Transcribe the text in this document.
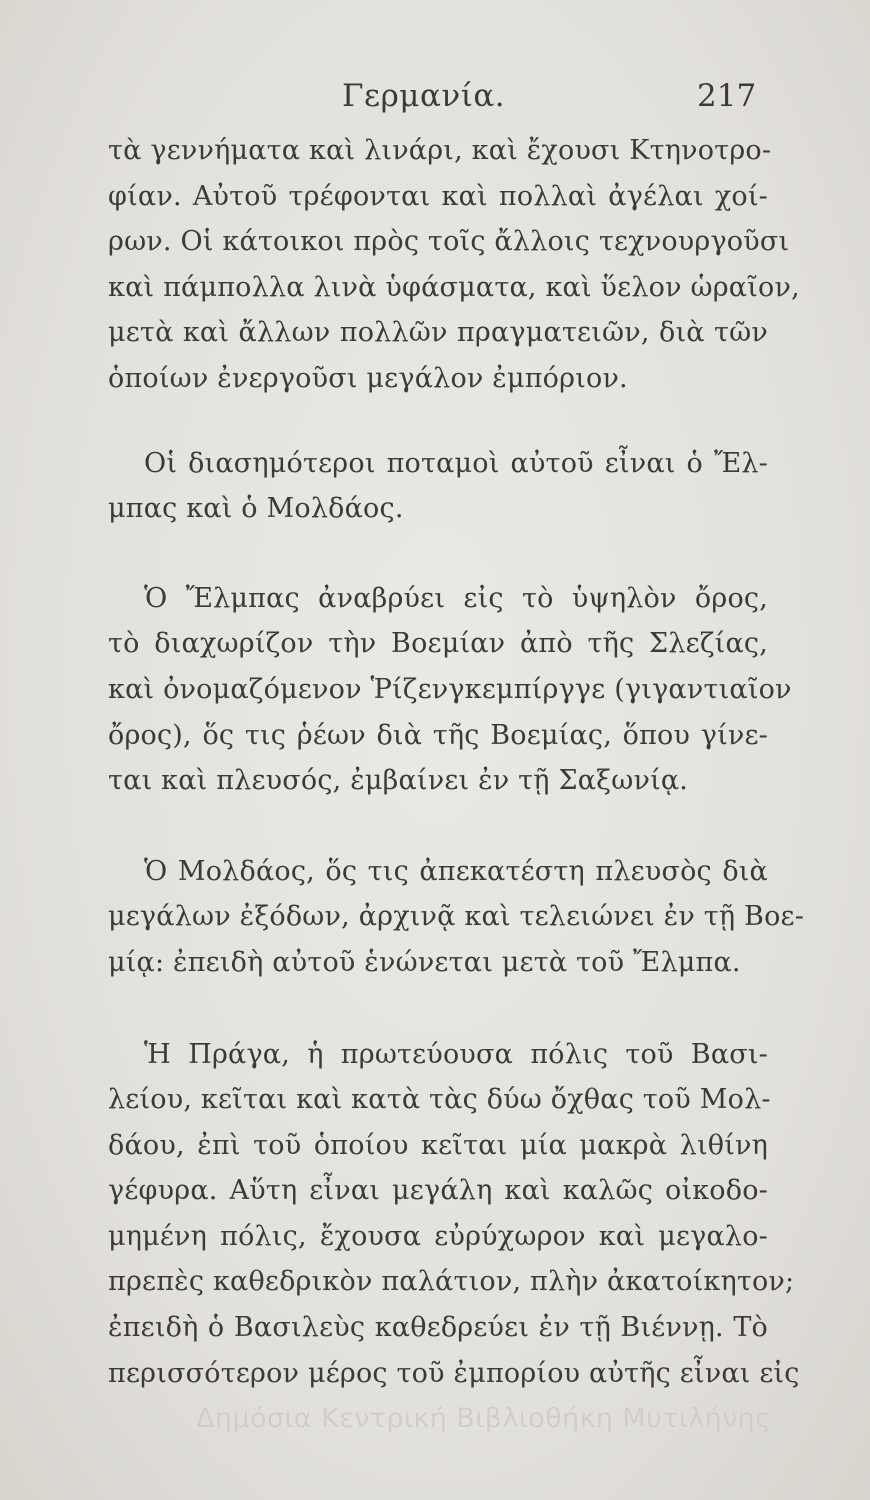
Γερμανία.	217

τὰ γεννήματα καὶ λινάρι, καὶ ἔχουσι Κτηνοτρο-
φίαν. Αὐτοῦ τρέφονται καὶ πολλαὶ ἀγέλαι χοί-
ρων. Οἱ κάτοικοι πρὸς τοῖς ἄλλοις τεχνουργοῦσι
καὶ πάμπολλα λινὰ ὑφάσματα, καὶ ὕελον ὡραῖον,
μετὰ καὶ ἄλλων πολλῶν πραγματειῶν, διὰ τῶν
ὁποίων ἐνεργοῦσι μεγάλον ἐμπόριον.

Οἱ διασημότεροι ποταμοὶ αὐτοῦ εἶναι ὁ Ἔλ-
μπας καὶ ὁ Μολδάος.

Ὁ Ἔλμπας ἀναβρύει εἰς τὸ ὑψηλὸν ὄρος,
τὸ διαχωρίζον τὴν Βοεμίαν ἀπὸ τῆς Σλεζίας,
καὶ ὀνομαζόμενον Ῥίζενγκεμπίργγε (γιγαντιαῖον
ὄρος), ὅς τις ῥέων διὰ τῆς Βοεμίας, ὅπου γίνε-
ται καὶ πλευσός, ἐμβαίνει ἐν τῇ Σαξωνίᾳ.

Ὁ Μολδάος, ὅς τις ἀπεκατέστη πλευσὸς διὰ
μεγάλων ἐξόδων, ἀρχινᾷ καὶ τελειώνει ἐν τῇ Βοε-
μίᾳ: ἐπειδὴ αὐτοῦ ἑνώνεται μετὰ τοῦ Ἔλμπα.

Ἡ Πράγα, ἡ πρωτεύουσα πόλις τοῦ Βασι-
λείου, κεῖται καὶ κατὰ τὰς δύω ὄχθας τοῦ Μολ-
δάου, ἐπὶ τοῦ ὁποίου κεῖται μία μακρὰ λιθίνη
γέφυρα. Αὕτη εἶναι μεγάλη καὶ καλῶς οἰκοδο-
μημένη πόλις, ἔχουσα εὐρύχωρον καὶ μεγαλο-
πρεπὲς καθεδρικὸν παλάτιον, πλὴν ἀκατοίκητον;
ἐπειδὴ ὁ Βασιλεὺς καθεδρεύει ἐν τῇ Βιέννῃ. Τὸ
περισσότερον μέρος τοῦ ἐμπορίου αὐτῆς εἶναι εἰς

Δημόσια Κεντρική Βιβλιοθήκη Μυτιλήνης
